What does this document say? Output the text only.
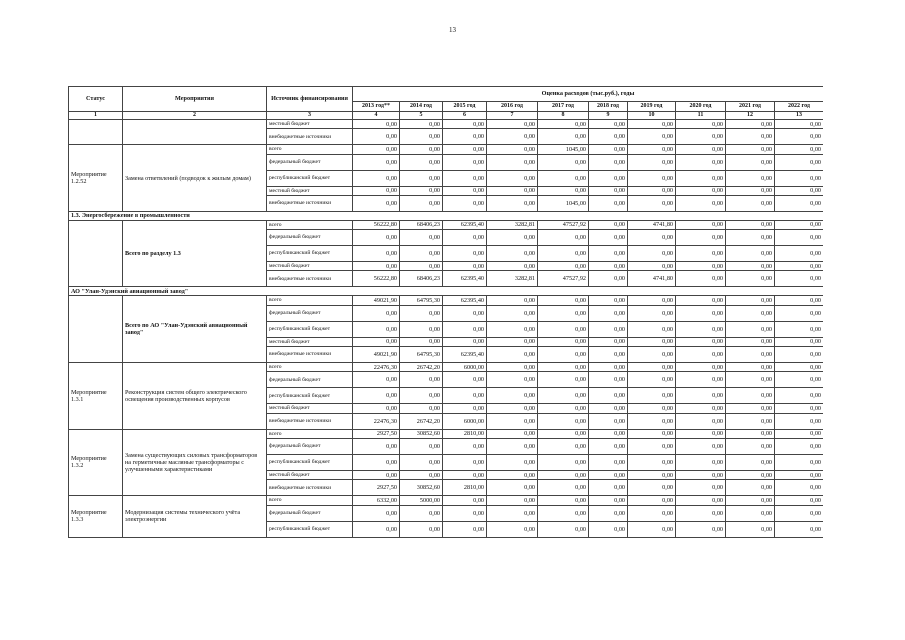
13
Статус	Мероприятия	Источник финансирования	Оценка расходов (тыс.руб.), годы									
			2013 год**	2014 год	2015 год	2016 год	2017 год	2018 год	2019 год	2020 год	2021 год	2022 год
1	2	3	4	5	6	7	8	9	10	11	12	13
		местный бюджет	0,00	0,00	0,00	0,00	0,00	0,00	0,00	0,00	0,00	0,00
		внебюджетные источники	0,00	0,00	0,00	0,00	0,00	0,00	0,00	0,00	0,00	0,00
Мероприятие 1.2.52	Замена ответвлений (подводок к жилым домам)	всего	0,00	0,00	0,00	0,00	1045,00	0,00	0,00	0,00	0,00	0,00
		федеральный бюджет	0,00	0,00	0,00	0,00	0,00	0,00	0,00	0,00	0,00	0,00
		республиканский бюджет	0,00	0,00	0,00	0,00	0,00	0,00	0,00	0,00	0,00	0,00
		местный бюджет	0,00	0,00	0,00	0,00	0,00	0,00	0,00	0,00	0,00	0,00
		внебюджетные источники	0,00	0,00	0,00	0,00	1045,00	0,00	0,00	0,00	0,00	0,00
1.3. Энергосбережение в промышленности												
	Всего по разделу 1.3	всего	56222,80	68406,23	62395,40	3282,81	47527,92	0,00	4741,80	0,00	0,00	0,00
		федеральный бюджет	0,00	0,00	0,00	0,00	0,00	0,00	0,00	0,00	0,00	0,00
		республиканский бюджет	0,00	0,00	0,00	0,00	0,00	0,00	0,00	0,00	0,00	0,00
		местный бюджет	0,00	0,00	0,00	0,00	0,00	0,00	0,00	0,00	0,00	0,00
		внебюджетные источники	56222,80	68406,23	62395,40	3282,81	47527,92	0,00	4741,80	0,00	0,00	0,00
АО "Улан-Удэнский авиационный завод"												
	Всего по АО "Улан-Удэнский авиационный завод"	всего	49021,90	64795,30	62395,40	0,00	0,00	0,00	0,00	0,00	0,00	0,00
		федеральный бюджет	0,00	0,00	0,00	0,00	0,00	0,00	0,00	0,00	0,00	0,00
		республиканский бюджет	0,00	0,00	0,00	0,00	0,00	0,00	0,00	0,00	0,00	0,00
		местный бюджет	0,00	0,00	0,00	0,00	0,00	0,00	0,00	0,00	0,00	0,00
		внебюджетные источники	49021,90	64795,30	62395,40	0,00	0,00	0,00	0,00	0,00	0,00	0,00
Мероприятие 1.3.1	Реконструкция систем общего электрического освещения производственных корпусов	всего	22476,30	26742,20	6000,00	0,00	0,00	0,00	0,00	0,00	0,00	0,00
		федеральный бюджет	0,00	0,00	0,00	0,00	0,00	0,00	0,00	0,00	0,00	0,00
		республиканский бюджет	0,00	0,00	0,00	0,00	0,00	0,00	0,00	0,00	0,00	0,00
		местный бюджет	0,00	0,00	0,00	0,00	0,00	0,00	0,00	0,00	0,00	0,00
		внебюджетные источники	22476,30	26742,20	6000,00	0,00	0,00	0,00	0,00	0,00	0,00	0,00
Мероприятие 1.3.2	Замена существующих силовых трансформаторов на герметичные масляные трансформаторы с улучшенными характеристиками	всего	2927,50	30852,60	2810,00	0,00	0,00	0,00	0,00	0,00	0,00	0,00
		федеральный бюджет	0,00	0,00	0,00	0,00	0,00	0,00	0,00	0,00	0,00	0,00
		республиканский бюджет	0,00	0,00	0,00	0,00	0,00	0,00	0,00	0,00	0,00	0,00
		местный бюджет	0,00	0,00	0,00	0,00	0,00	0,00	0,00	0,00	0,00	0,00
		внебюджетные источники	2927,50	30852,60	2810,00	0,00	0,00	0,00	0,00	0,00	0,00	0,00
Мероприятие 1.3.3	Модернизация системы технического учёта электроэнергии	всего	6332,00	5000,00	0,00	0,00	0,00	0,00	0,00	0,00	0,00	0,00
		федеральный бюджет	0,00	0,00	0,00	0,00	0,00	0,00	0,00	0,00	0,00	0,00
		республиканский бюджет	0,00	0,00	0,00	0,00	0,00	0,00	0,00	0,00	0,00	0,00
